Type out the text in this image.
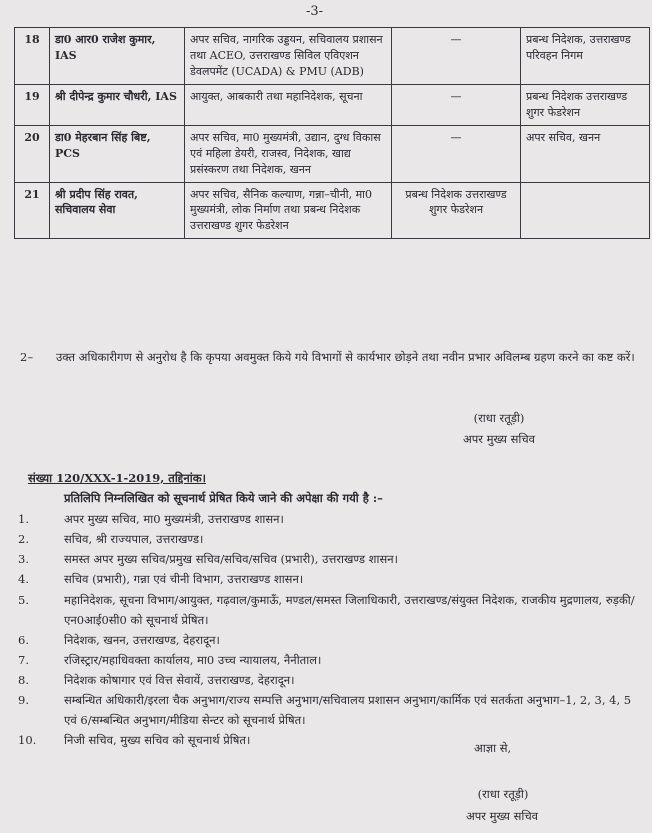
-3-
18	डा0 आर0 राजेश कुमार, IAS	अपर सचिव, नागरिक उड्डयन, सचिवालय प्रशासन तथा ACEO, उत्तराखण्ड सिविल एविएशन डेवलपमेंट (UCADA) & PMU (ADB)	—	प्रबन्ध निदेशक, उत्तराखण्ड परिवहन निगम
19	श्री दीपेन्द्र कुमार चौधरी, IAS	आयुक्त, आबकारी तथा महानिदेशक, सूचना	—	प्रबन्ध निदेशक उत्तराखण्ड शुगर फेडरेशन
20	डा0 मेहरबान सिंह बिष्ट, PCS	अपर सचिव, मा0 मुख्यमंत्री, उद्यान, दुग्ध विकास एवं महिला डेयरी, राजस्व, निदेशक, खाद्य प्रसंस्करण तथा निदेशक, खनन	—	अपर सचिव, खनन
21	श्री प्रदीप सिंह रावत, सचिवालय सेवा	अपर सचिव, सैनिक कल्याण, गन्ना–चीनी, मा0 मुख्यमंत्री, लोक निर्माण तथा प्रबन्ध निदेशक उत्तराखण्ड शुगर फेडरेशन	प्रबन्ध निदेशक उत्तराखण्ड शुगर फेडरेशन	
2– उक्त अधिकारीगण से अनुरोध है कि कृपया अवमुक्त किये गये विभागों से कार्यभार छोड़ने तथा नवीन प्रभार अविलम्ब ग्रहण करने का कष्ट करें।
(राधा रतूड़ी)
अपर मुख्य सचिव
संख्या 120/XXX-1-2019, तद्दिनांक।
प्रतिलिपि निम्नलिखित को सूचनार्थ प्रेषित किये जाने की अपेक्षा की गयी है :–
1.	अपर मुख्य सचिव, मा0 मुख्यमंत्री, उत्तराखण्ड शासन।
2.	सचिव, श्री राज्यपाल, उत्तराखण्ड।
3.	समस्त अपर मुख्य सचिव/प्रमुख सचिव/सचिव/सचिव (प्रभारी), उत्तराखण्ड शासन।
4.	सचिव (प्रभारी), गन्ना एवं चीनी विभाग, उत्तराखण्ड शासन।
5.	महानिदेशक, सूचना विभाग/आयुक्त, गढ़वाल/कुमाऊँ, मण्डल/समस्त जिलाधिकारी, उत्तराखण्ड/संयुक्त निदेशक, राजकीय मुद्रणालय, रुड़की/एन0आई0सी0 को सूचनार्थ प्रेषित।
6.	निदेशक, खनन, उत्तराखण्ड, देहरादून।
7.	रजिस्ट्रार/महाधिवक्ता कार्यालय, मा0 उच्च न्यायालय, नैनीताल।
8.	निदेशक कोषागार एवं वित्त सेवायें, उत्तराखण्ड, देहरादून।
9.	सम्बन्धित अधिकारी/इरला चैक अनुभाग/राज्य सम्पत्ति अनुभाग/सचिवालय प्रशासन अनुभाग/कार्मिक एवं सतर्कता अनुभाग–1, 2, 3, 4, 5 एवं 6/सम्बन्धित अनुभाग/मीडिया सेन्टर को सूचनार्थ प्रेषित।
10.	निजी सचिव, मुख्य सचिव को सूचनार्थ प्रेषित।
आज्ञा से,
(राधा रतूड़ी)
अपर मुख्य सचिव
